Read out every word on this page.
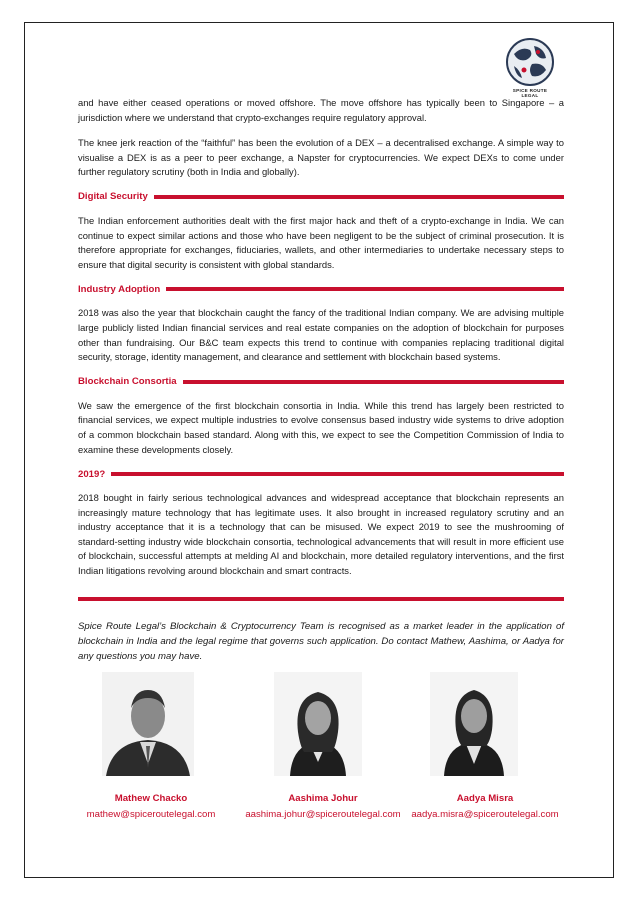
SPICE ROUTE LEGAL

and have either ceased operations or moved offshore. The move offshore has typically been to Singapore – a jurisdiction where we understand that crypto-exchanges require regulatory approval.

The knee jerk reaction of the “faithful” has been the evolution of a DEX – a decentralised exchange. A simple way to visualise a DEX is as a peer to peer exchange, a Napster for cryptocurrencies. We expect DEXs to come under further regulatory scrutiny (both in India and globally).

Digital Security

The Indian enforcement authorities dealt with the first major hack and theft of a crypto-exchange in India. We can continue to expect similar actions and those who have been negligent to be the subject of criminal prosecution. It is therefore appropriate for exchanges, fiduciaries, wallets, and other intermediaries to undertake necessary steps to ensure that digital security is consistent with global standards.

Industry Adoption

2018 was also the year that blockchain caught the fancy of the traditional Indian company. We are advising multiple large publicly listed Indian financial services and real estate companies on the adoption of blockchain for purposes other than fundraising. Our B&C team expects this trend to continue with companies replacing traditional digital security, storage, identity management, and clearance and settlement with blockchain based systems.

Blockchain Consortia

We saw the emergence of the first blockchain consortia in India. While this trend has largely been restricted to financial services, we expect multiple industries to evolve consensus based industry wide systems to drive adoption of a common blockchain based standard. Along with this, we expect to see the Competition Commission of India to examine these developments closely.

2019?

2018 bought in fairly serious technological advances and widespread acceptance that blockchain represents an increasingly mature technology that has legitimate uses. It also brought in increased regulatory scrutiny and an industry acceptance that it is a technology that can be misused. We expect 2019 to see the mushrooming of standard-setting industry wide blockchain consortia, technological advancements that will result in more efficient use of blockchain, successful attempts at melding AI and blockchain, more detailed regulatory interventions, and the first Indian litigations revolving around blockchain and smart contracts.

Spice Route Legal’s Blockchain & Cryptocurrency Team is recognised as a market leader in the application of blockchain in India and the legal regime that governs such application. Do contact Mathew, Aashima, or Aadya for any questions you may have.

Mathew Chacko
mathew@spiceroutelegal.com
Aashima Johur
aashima.johur@spiceroutelegal.com
Aadya Misra
aadya.misra@spiceroutelegal.com
